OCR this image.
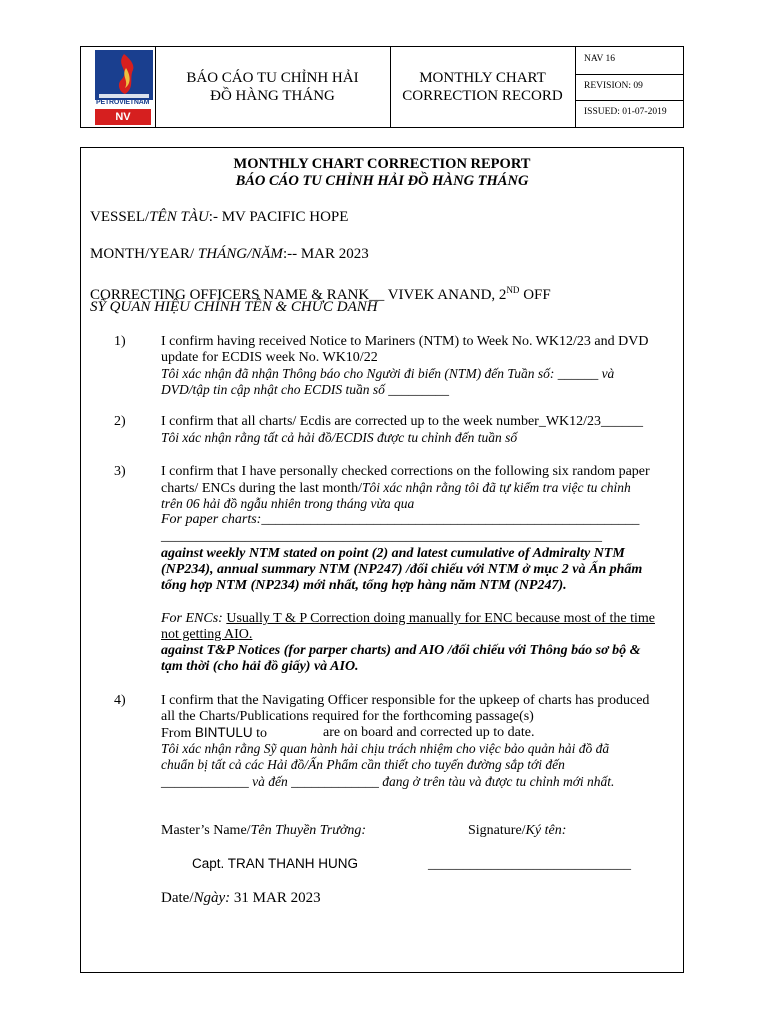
PETROVIETNAM
NV TRANS
BÁO CÁO TU CHỈNH HẢI
ĐỒ HÀNG THÁNG
MONTHLY CHART
CORRECTION RECORD
NAV 16
REVISION: 09
ISSUED: 01-07-2019
MONTHLY CHART CORRECTION REPORT
BÁO CÁO TU CHỈNH HẢI ĐỒ HÀNG THÁNG
VESSEL/TÊN TÀU:- MV PACIFIC HOPE
MONTH/YEAR/ THÁNG/NĂM:-- MAR 2023
CORRECTING OFFICERS NAME & RANK__ VIVEK ANAND, 2ND OFF
SỸ QUAN HIỆU CHỈNH TÊN & CHỨC DANH
1)	I confirm having received Notice to Mariners (NTM) to Week No. WK12/23 and DVD
update for ECDIS week No. WK10/22
Tôi xác nhận đã nhận Thông báo cho Người đi biển (NTM) đến Tuần số: ______ và
DVD/tập tin cập nhật cho ECDIS tuần số _________
2)	I confirm that all charts/ Ecdis are corrected up to the week number_WK12/23______
Tôi xác nhận rằng tất cả hải đồ/ECDIS được tu chỉnh đến tuần số
3)	I confirm that I have personally checked corrections on the following six random paper
charts/ ENCs during the last month/Tôi xác nhận rằng tôi đã tự kiểm tra việc tu chỉnh
trên 06 hải đồ ngẫu nhiên trong tháng vừa qua
For paper charts:______________________________________________________
_______________________________________________________________
against weekly NTM stated on point (2) and latest cumulative of Admiralty NTM
(NP234), annual summary NTM (NP247) /đối chiếu với NTM ở mục 2 và Ấn phẩm
tổng hợp NTM (NP234) mới nhất, tổng hợp hàng năm NTM (NP247).
For ENCs: Usually T & P Correction doing manually for ENC because most of the time
not getting AIO.
against T&P Notices (for parper charts) and AIO /đối chiếu với Thông báo sơ bộ &
tạm thời (cho hải đồ giấy) và AIO.
4)	I confirm that the Navigating Officer responsible for the upkeep of charts has produced
all the Charts/Publications required for the forthcoming passage(s)
From BINTULU to	are on board and corrected up to date.
Tôi xác nhận rằng Sỹ quan hành hải chịu trách nhiệm cho việc bảo quản hải đồ đã
chuẩn bị tất cả các Hải đồ/Ấn Phẩm cần thiết cho tuyến đường sắp tới đến
_____________ và đến _____________ đang ở trên tàu và được tu chỉnh mới nhất.
Master’s Name/Tên Thuyền Trưởng:	Signature/Ký tên:
Capt. TRAN THANH HUNG	_____________________________
Date/Ngày: 31 MAR 2023
